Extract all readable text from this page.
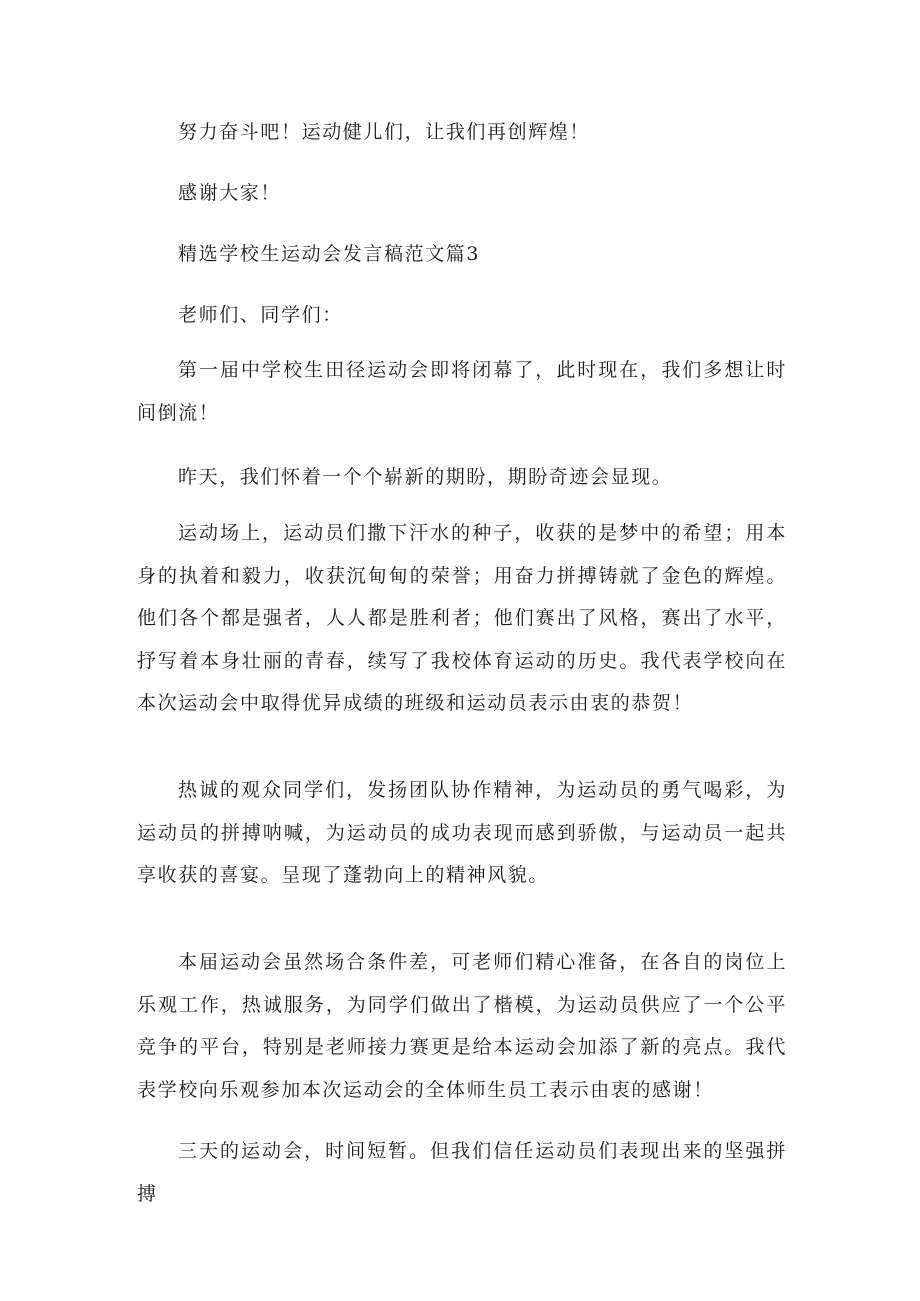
努力奋斗吧！运动健儿们，让我们再创辉煌！
感谢大家！
精选学校生运动会发言稿范文篇3
老师们、同学们：
第一届中学校生田径运动会即将闭幕了，此时现在，我们多想让时间倒流！
昨天，我们怀着一个个崭新的期盼，期盼奇迹会显现。
运动场上，运动员们撒下汗水的种子，收获的是梦中的希望；用本身的执着和毅力，收获沉甸甸的荣誉；用奋力拼搏铸就了金色的辉煌。他们各个都是强者，人人都是胜利者；他们赛出了风格，赛出了水平，抒写着本身壮丽的青春，续写了我校体育运动的历史。我代表学校向在本次运动会中取得优异成绩的班级和运动员表示由衷的恭贺！
热诚的观众同学们，发扬团队协作精神，为运动员的勇气喝彩，为运动员的拼搏呐喊，为运动员的成功表现而感到骄傲，与运动员一起共享收获的喜宴。呈现了蓬勃向上的精神风貌。
本届运动会虽然场合条件差，可老师们精心准备，在各自的岗位上乐观工作，热诚服务，为同学们做出了楷模，为运动员供应了一个公平竞争的平台，特别是老师接力赛更是给本运动会加添了新的亮点。我代表学校向乐观参加本次运动会的全体师生员工表示由衷的感谢！
三天的运动会，时间短暂。但我们信任运动员们表现出来的坚强拼搏
